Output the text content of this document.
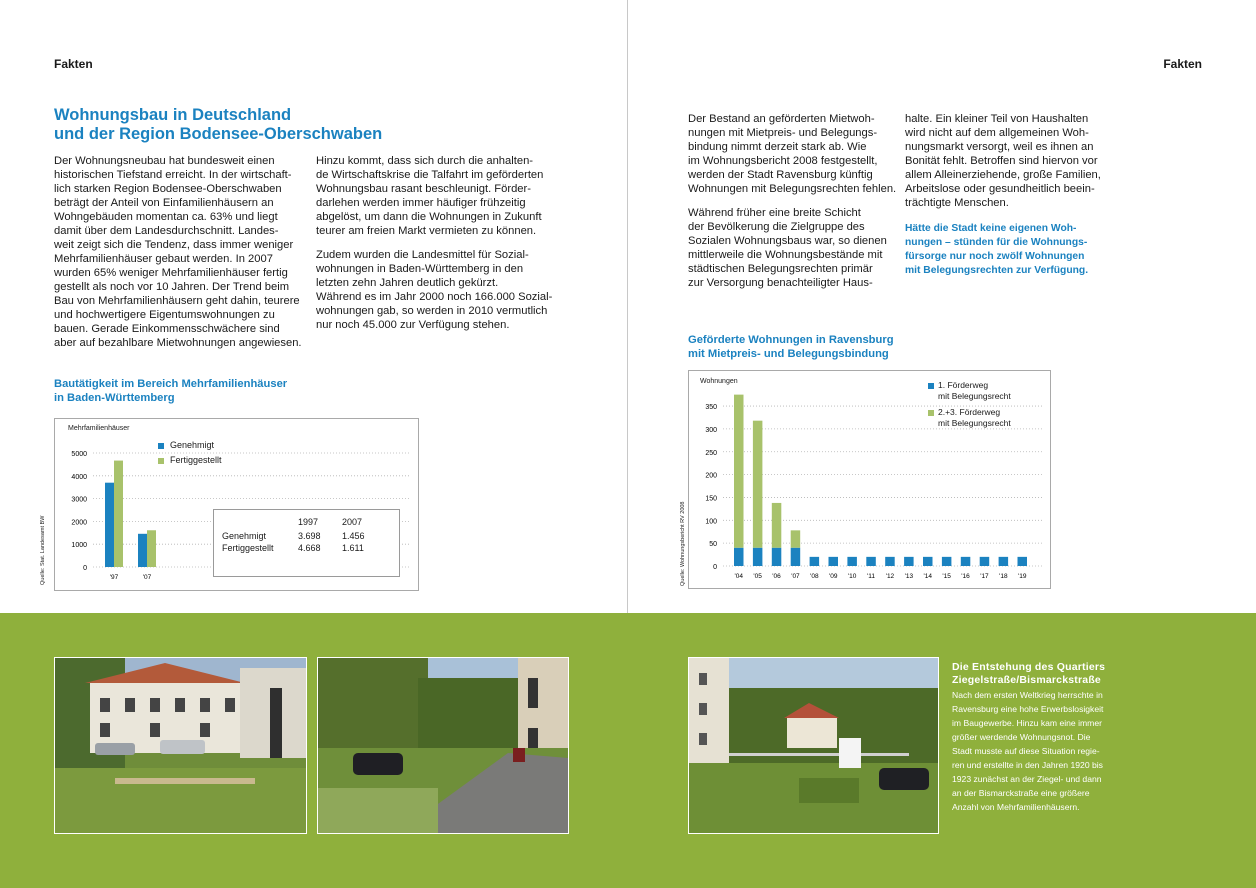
Fakten
Wohnungsbau in Deutschland
und der Region Bodensee-Oberschwaben

Der Wohnungsneubau hat bundesweit einen
historischen Tiefstand erreicht. In der wirtschaft-
lich starken Region Bodensee-Oberschwaben
beträgt der Anteil von Einfamilienhäusern an
Wohngebäuden momentan ca. 63% und liegt
damit über dem Landesdurchschnitt. Landes-
weit zeigt sich die Tendenz, dass immer weniger
Mehrfamilienhäuser gebaut werden. In 2007
wurden 65% weniger Mehrfamilienhäuser fertig
gestellt als noch vor 10 Jahren. Der Trend beim
Bau von Mehrfamilienhäusern geht dahin, teurere
und hochwertigere Eigentumswohnungen zu
bauen. Gerade Einkommensschwächere sind
aber auf bezahlbare Mietwohnungen angewiesen.

Hinzu kommt, dass sich durch die anhalten-
de Wirtschaftskrise die Talfahrt im geförderten
Wohnungsbau rasant beschleunigt. Förder-
darlehen werden immer häufiger frühzeitig
abgelöst, um dann die Wohnungen in Zukunft
teurer am freien Markt vermieten zu können.

Zudem wurden die Landesmittel für Sozial-
wohnungen in Baden-Württemberg in den
letzten zehn Jahren deutlich gekürzt.
Während es im Jahr 2000 noch 166.000 Sozial-
wohnungen gab, so werden in 2010 vermutlich
nur noch 45.000 zur Verfügung stehen.

Bautätigkeit im Bereich Mehrfamilienhäuser
in Baden-Württemberg
0
1000
2000
3000
4000
5000
'97	'07
Mehrfamilienhäuser
Quelle: Stat. Landesamt BW
Genehmigt
Fertiggestellt
1997	2007
Genehmigt	3.698 1.456
Fertiggestellt	4.668 1.611
Fakten

Der Bestand an geförderten Mietwoh-
nungen mit Mietpreis- und Belegungs-
bindung nimmt derzeit stark ab. Wie
im Wohnungsbericht 2008 festgestellt,
werden der Stadt Ravensburg künftig
Wohnungen mit Belegungsrechten fehlen.

Während früher eine breite Schicht
der Bevölkerung die Zielgruppe des
Sozialen Wohnungsbaus war, so dienen
mittlerweile die Wohnungsbestände mit
städtischen Belegungsrechten primär
zur Versorgung benachteiligter Haus-

halte. Ein kleiner Teil von Haushalten
wird nicht auf dem allgemeinen Woh-
nungsmarkt versorgt, weil es ihnen an
Bonität fehlt. Betroffen sind hiervon vor
allem Alleinerziehende, große Familien,
Arbeitslose oder gesundheitlich beein-
trächtigte Menschen.

Hätte die Stadt keine eigenen Woh-
nungen – stünden für die Wohnungs-
fürsorge nur noch zwölf Wohnungen
mit Belegungsrechten zur Verfügung.

Geförderte Wohnungen in Ravensburg
mit Mietpreis- und Belegungsbindung
0
50
100
150
200
250
300
350
'04 '05 '06 '07 '08 '09 '10 '11 '12 '13 '14 '15 '16 '17 '18 '19
Wohnungen
Quelle: Wohnungsbericht RV 2008
1. Förderweg
mit Belegungsrecht
2.+3. Förderweg
mit Belegungsrecht
Die Entstehung des Quartiers
Ziegelstraße/Bismarckstraße
Nach dem ersten Weltkrieg herrschte in
Ravensburg eine hohe Erwerbslosigkeit
im Baugewerbe. Hinzu kam eine immer
größer werdende Wohnungsnot. Die
Stadt musste auf diese Situation regie-
ren und erstellte in den Jahren 1920 bis
1923 zunächst an der Ziegel- und dann
an der Bismarckstraße eine größere
Anzahl von Mehrfamilienhäusern.
